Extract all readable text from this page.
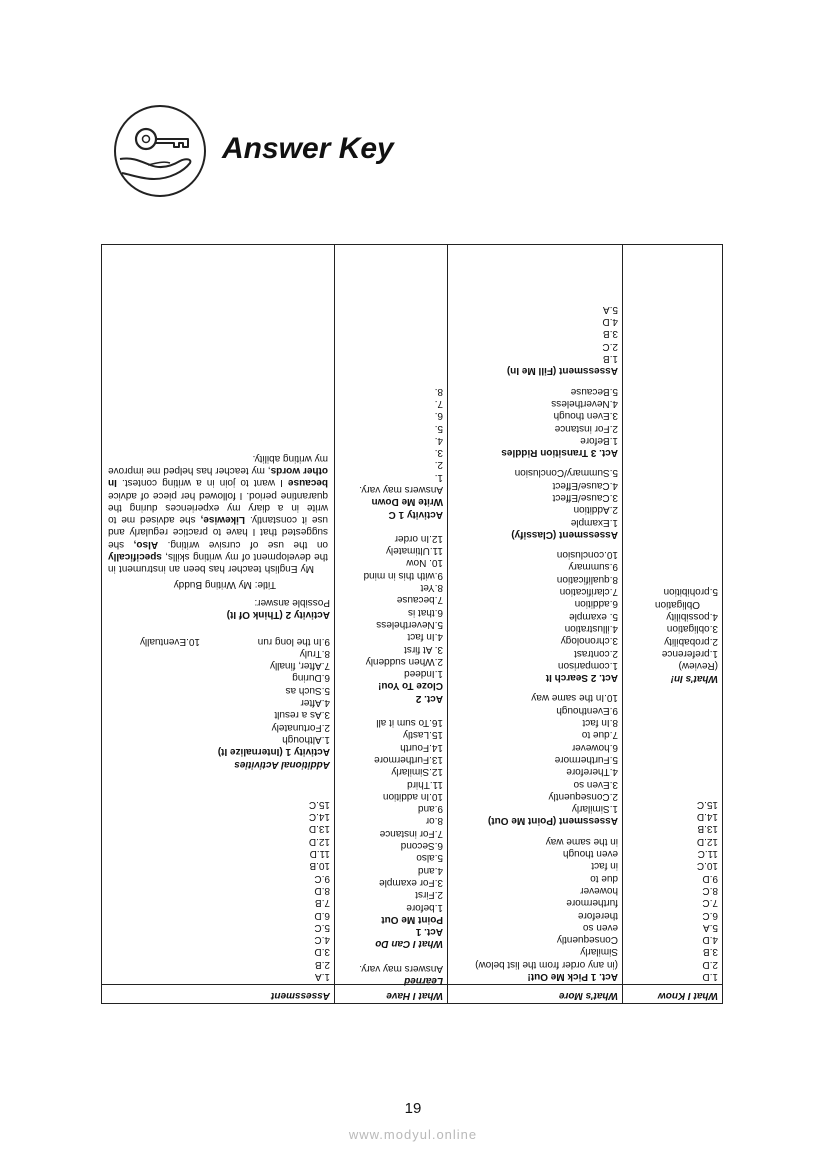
Answer Key
What I Know
1.D
2.D
3.B
4.D
5.A
6.C
7.C
8.C
9.D
10.C
11.C
12.D
13.B
14.D
15.C
What's In!
(Review)
1.preference
2.probability
3.obligation
4.possibility
Obligation
5.prohibition
What's More
Act. 1 Pick Me Out!
(in any order from the list below)
Similarly
Consequently
even so
therefore
furthermore
however
due to
in fact
even though
in the same way
Assessment (Point Me Out)
1.Similarly
2.Consequently
3.Even so
4.Therefore
5.Furthermore
6.however
7.due to
8.In fact
9.Eventhough
10.In the same way
Act. 2 Search It
1.comparison
2.contrast
3.chronology
4.illustration
5. example
6.addition
7.clarification
8.qualification
9.summary
10.conclusion
Assessment (Classify)
1.Example
2.Addition
3.Cause/Effect
4.Cause/Effect
5.Summary/Conclusion
Act. 3 Transition Riddles
1.Before
2.For instance
3.Even though
4.Nevertheless
5.Because
Assessment (Fill Me In)
1.B
2.C
3.B
4.D
5.A
What I Have
Learned
Answers may vary.
What I Can Do
Act. 1
Point Me Out
1.before
2.First
3.For example
4.and
5.also
6.Second
7.For instance
8.or
9.and
10.In addition
11.Third
12.Similarly
13.Furthermore
14.Fourth
15.Lastly
16.To sum it all
Act. 2
Cloze To You!
1.Indeed
2.When suddenly
3. At first
4.In fact
5.Nevertheless
6.that is
7.because
8.Yet
9.with this in mind
10. Now
11.Ultimately
12.In order
Activity 1 C
Write Me Down
Answers may vary.
1.
2.
3.
4.
5.
6.
7.
8.
Assessment
1.A
2.B
3.D
4.C
5.C
6.D
7.B
8.D
9.C
10.B
11.D
12.D
13.D
14.C
15.C
Additional Activities
Activity 1 (Internalize It)
1.Although
2.Fortunately
3.As a result
4.After
5.Such as
6.During
7.After, finally
8.Truly
9.In the long run
10.Eventually
Activity 2 (Think Of It)
Possible answer:
Title: My Writing Buddy
My English teacher has been an instrument in the development of my writing skills, specifically on the use of cursive writing. Also, she suggested that I have to practice regularly and use it constantly. Likewise, she advised me to write in a diary my experiences during the quarantine period. I followed her piece of advice because I want to join in a writing contest. In other words, my teacher has helped me improve my writing ability.
19
www.modyul.online
